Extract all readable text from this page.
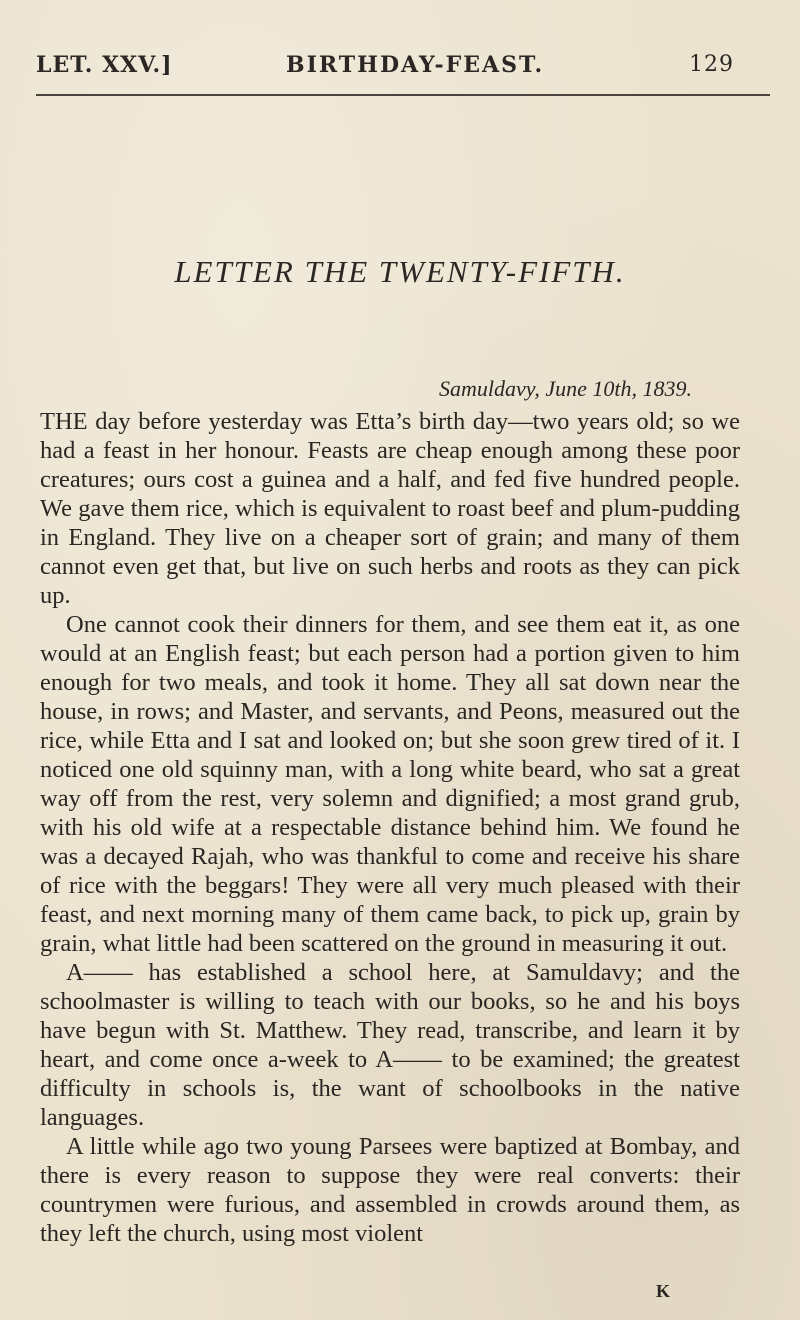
LET. XXV.]	BIRTHDAY-FEAST.	129
LETTER THE TWENTY-FIFTH.
Samuldavy, June 10th, 1839.

THE day before yesterday was Etta’s birth day—two years old; so we had a feast in her honour. Feasts are cheap enough among these poor creatures; ours cost a guinea and a half, and fed five hundred people. We gave them rice, which is equivalent to roast beef and plum-pudding in England. They live on a cheaper sort of grain; and many of them cannot even get that, but live on such herbs and roots as they can pick up.

One cannot cook their dinners for them, and see them eat it, as one would at an English feast; but each person had a portion given to him enough for two meals, and took it home. They all sat down near the house, in rows; and Master, and servants, and Peons, measured out the rice, while Etta and I sat and looked on; but she soon grew tired of it. I noticed one old squinny man, with a long white beard, who sat a great way off from the rest, very solemn and dignified; a most grand grub, with his old wife at a respectable distance behind him. We found he was a decayed Rajah, who was thankful to come and receive his share of rice with the beggars! They were all very much pleased with their feast, and next morning many of them came back, to pick up, grain by grain, what little had been scattered on the ground in measuring it out.

A—— has established a school here, at Samuldavy; and the schoolmaster is willing to teach with our books, so he and his boys have begun with St. Matthew. They read, transcribe, and learn it by heart, and come once a-week to A—— to be examined; the greatest difficulty in schools is, the want of schoolbooks in the native languages.

A little while ago two young Parsees were baptized at Bombay, and there is every reason to suppose they were real converts: their countrymen were furious, and assembled in crowds around them, as they left the church, using most violent

K
